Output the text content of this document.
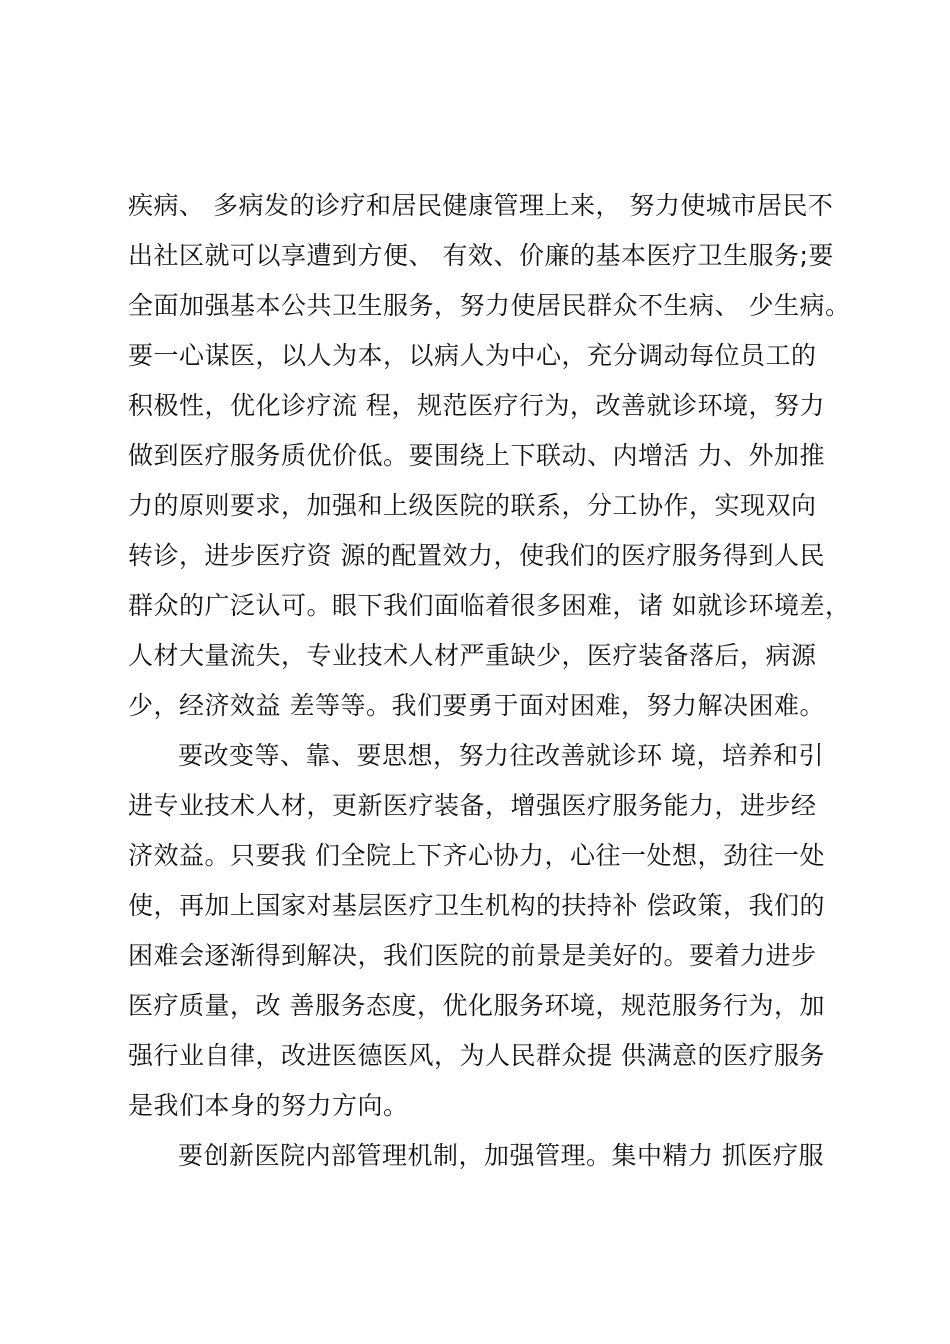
疾病、 多病发的诊疗和居民健康管理上来， 努力使城市居民不
出社区就可以享遭到方便、 有效、价廉的基本医疗卫生服务;要
全面加强基本公共卫生服务，努力使居民群众不生病、 少生病。
要一心谋医，以人为本，以病人为中心，充分调动每位员工的
积极性，优化诊疗流 程，规范医疗行为，改善就诊环境，努力
做到医疗服务质优价低。要围绕上下联动、内增活 力、外加推
力的原则要求，加强和上级医院的联系，分工协作，实现双向
转诊，进步医疗资 源的配置效力，使我们的医疗服务得到人民
群众的广泛认可。眼下我们面临着很多困难，诸 如就诊环境差，
人材大量流失，专业技术人材严重缺少，医疗装备落后，病源
少，经济效益 差等等。我们要勇于面对困难，努力解决困难。
要改变等、靠、要思想，努力往改善就诊环 境，培养和引
进专业技术人材，更新医疗装备，增强医疗服务能力，进步经
济效益。只要我 们全院上下齐心协力，心往一处想，劲往一处
使，再加上国家对基层医疗卫生机构的扶持补 偿政策，我们的
困难会逐渐得到解决，我们医院的前景是美好的。要着力进步
医疗质量，改 善服务态度，优化服务环境，规范服务行为，加
强行业自律，改进医德医风，为人民群众提 供满意的医疗服务
是我们本身的努力方向。
要创新医院内部管理机制，加强管理。集中精力 抓医疗服
